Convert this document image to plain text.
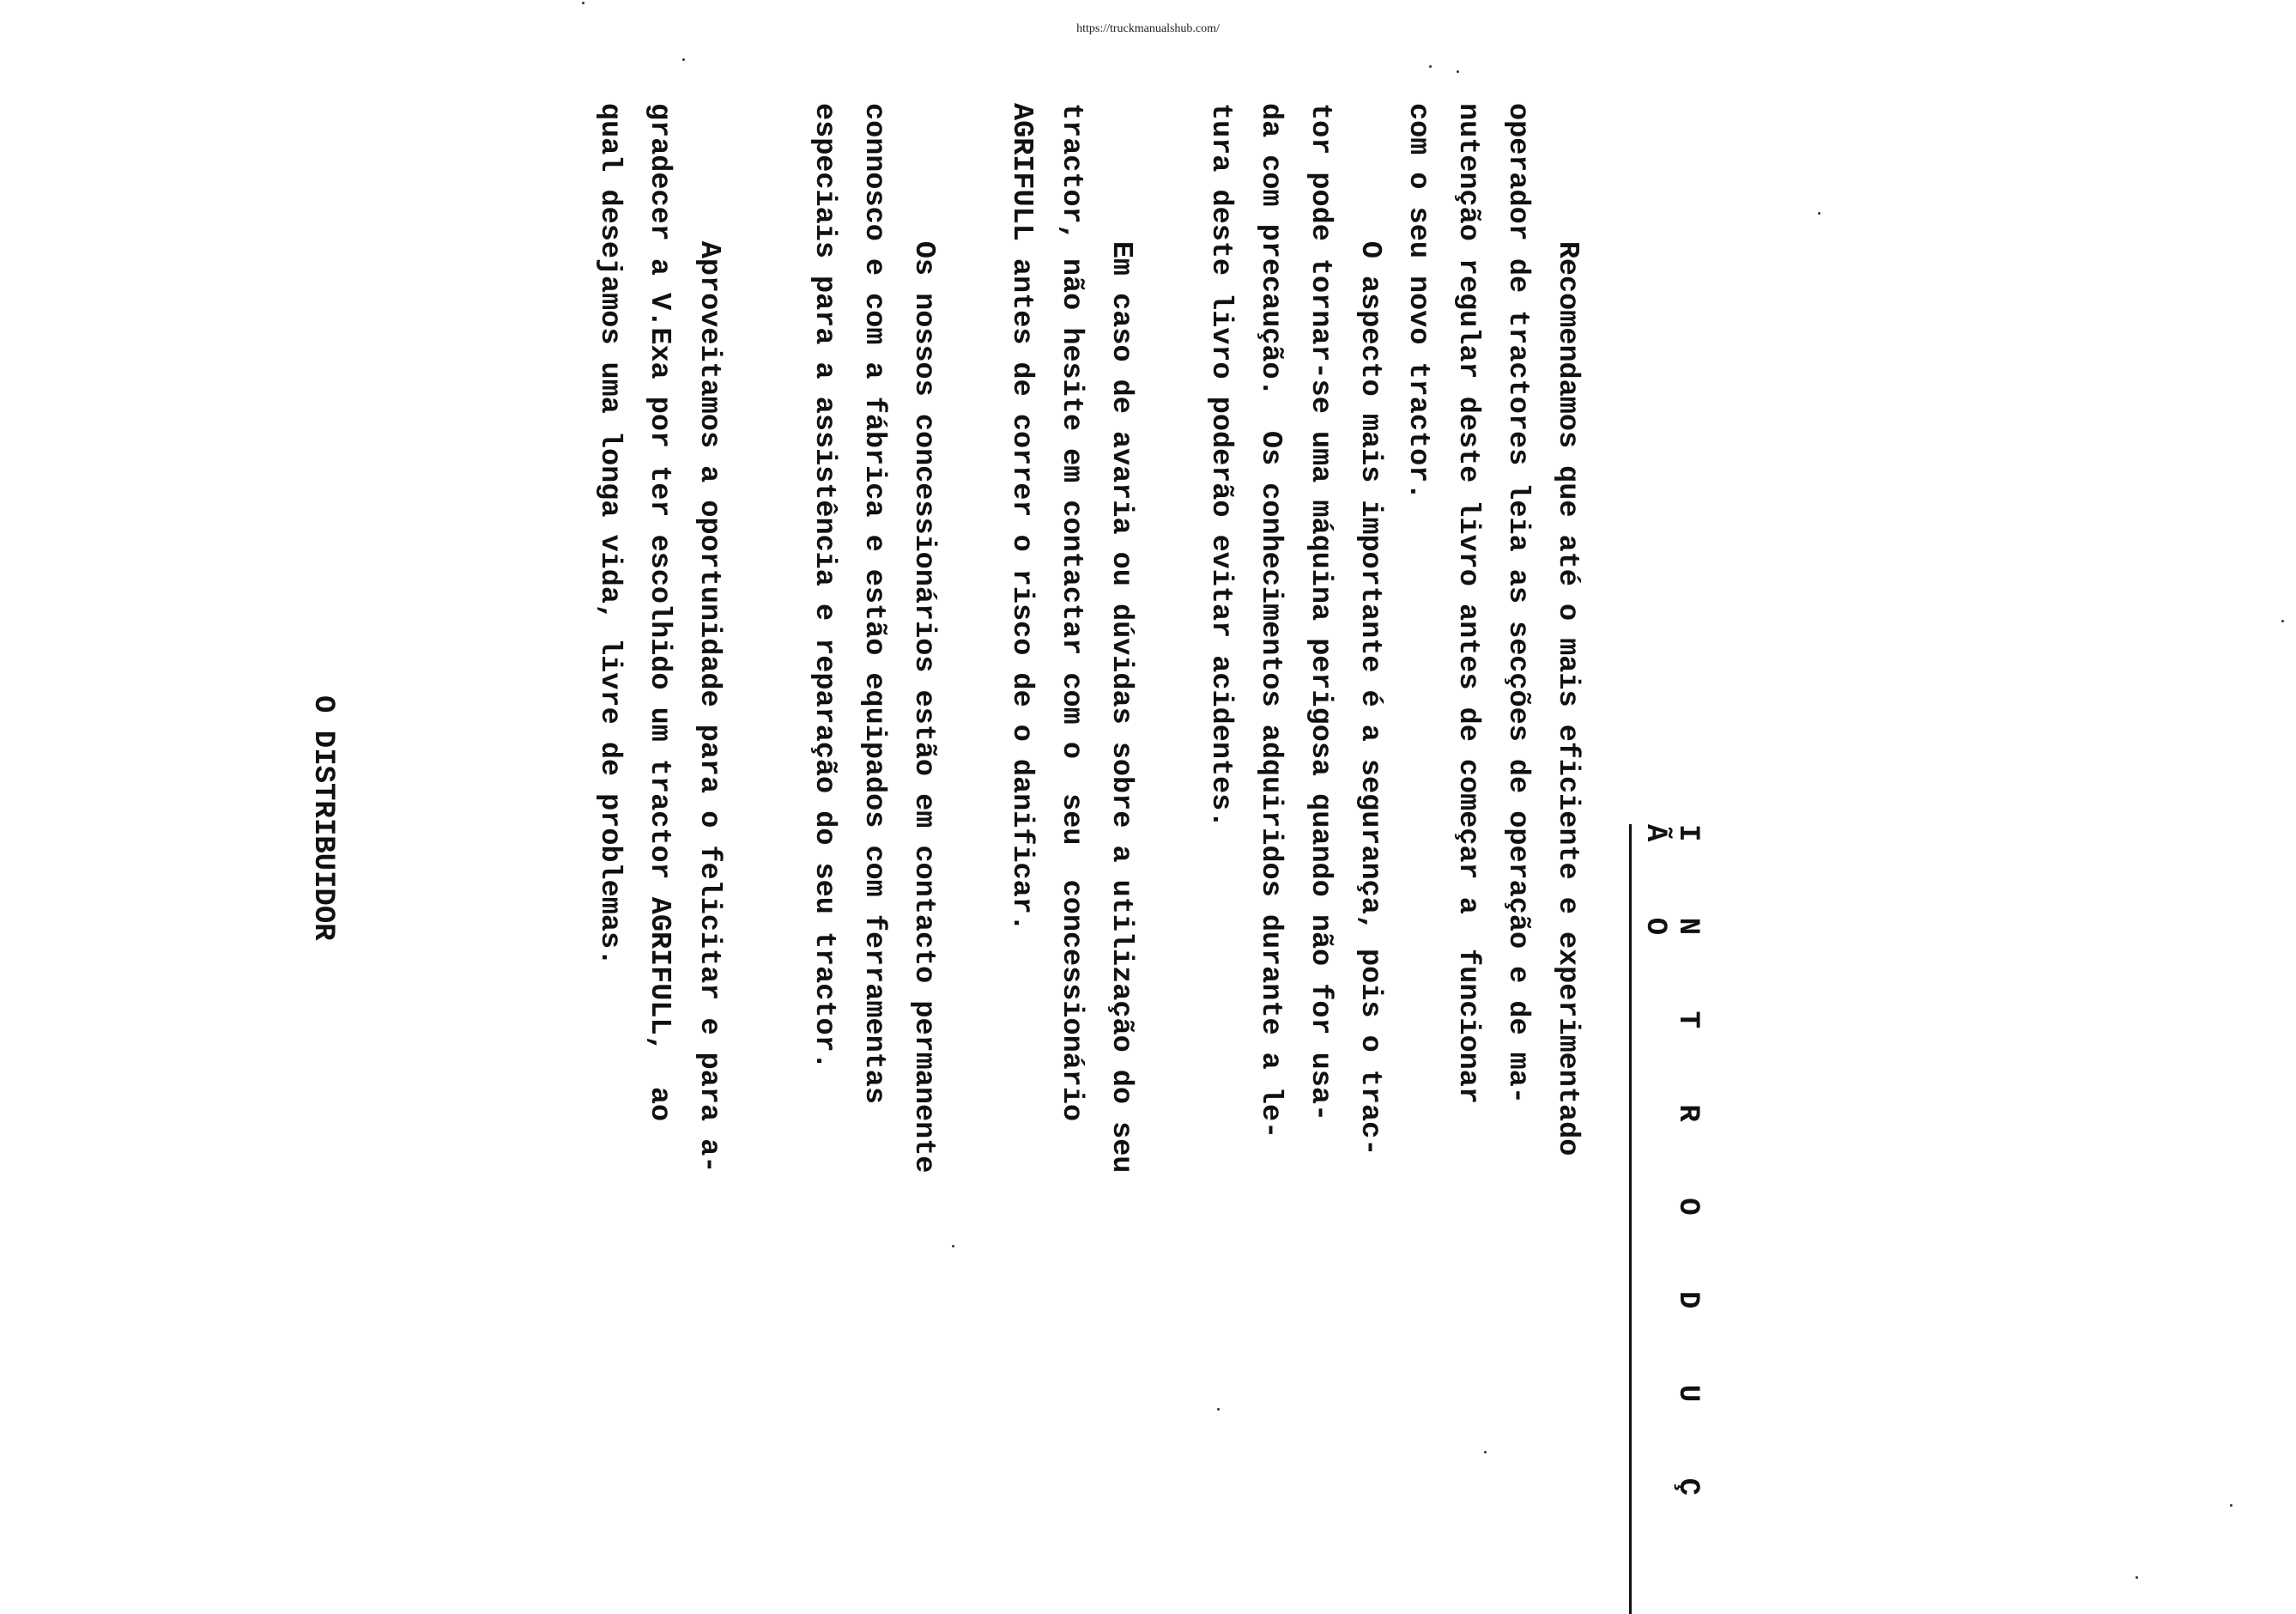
https://truckmanualshub.com/
I N T R O D U Ç Ã O
Recomendamos que até o mais eficiente e experimentado
operador de tractores leia as secções de operação e de ma-
nutenção regular deste livro antes de começar a  funcionar
com o seu novo tractor.
O aspecto mais importante é a segurança, pois o trac-
tor pode tornar-se uma máquina perigosa quando não for usa-
da com precaução.  Os conhecimentos adquiridos durante a le-
tura deste livro poderão evitar acidentes.
Em caso de avaria ou dúvidas sobre a utilização do seu
tractor, não hesite em contactar com o  seu  concessionário
AGRIFULL antes de correr o risco de o danificar.
Os nossos concessionários estão em contacto permanente
connosco e com a fábrica e estão equipados com ferramentas
especiais para a assistência e reparação do seu tractor.
Aproveitamos a oportunidade para o felicitar e para a-
gradecer a V.Exa por ter escolhido um tractor AGRIFULL,  ao
qual desejamos uma longa vida, livre de problemas.
O DISTRIBUIDOR
